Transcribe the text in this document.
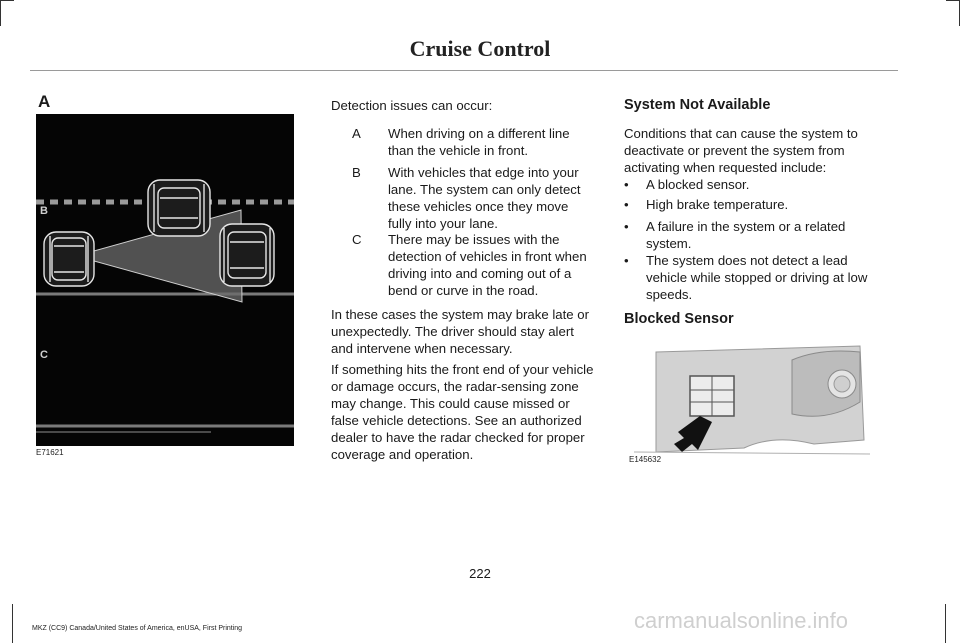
Cruise Control
A
B
C
E71621
Detection issues can occur:
A When driving on a different line
than the vehicle in front.
B With vehicles that edge into your
lane. The system can only detect
these vehicles once they move
fully into your lane.
C There may be issues with the
detection of vehicles in front when
driving into and coming out of a
bend or curve in the road.
In these cases the system may brake late or
unexpectedly. The driver should stay alert
and intervene when necessary.
If something hits the front end of your vehicle
or damage occurs, the radar-sensing zone
may change. This could cause missed or
false vehicle detections. See an authorized
dealer to have the radar checked for proper
coverage and operation.
System Not Available
Conditions that can cause the system to
deactivate or prevent the system from
activating when requested include:
• A blocked sensor.
• High brake temperature.
• A failure in the system or a related
system.
• The system does not detect a lead
vehicle while stopped or driving at low
speeds.
Blocked Sensor
E145632
222
MKZ (CC9) Canada/United States of America, enUSA, First Printing	carmanualsonline.info
